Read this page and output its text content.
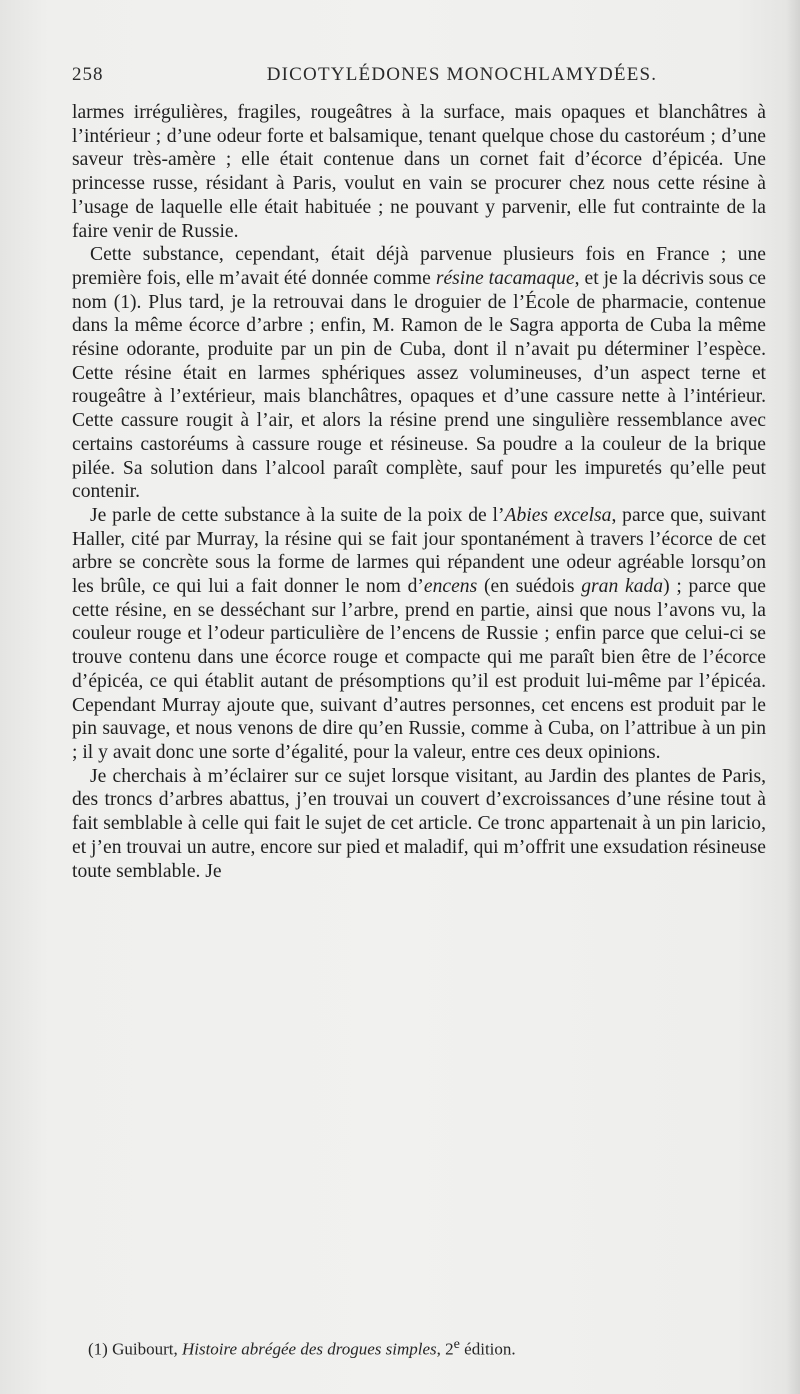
258	DICOTYLÉDONES MONOCHLAMYDÉES.

larmes irrégulières, fragiles, rougeâtres à la surface, mais opaques et blanchâtres à l’intérieur ; d’une odeur forte et balsamique, tenant quelque chose du castoréum ; d’une saveur très-amère ; elle était contenue dans un cornet fait d’écorce d’épicéa. Une princesse russe, résidant à Paris, voulut en vain se procurer chez nous cette résine à l’usage de laquelle elle était habituée ; ne pouvant y parvenir, elle fut contrainte de la faire venir de Russie.

Cette substance, cependant, était déjà parvenue plusieurs fois en France ; une première fois, elle m’avait été donnée comme résine tacamaque, et je la décrivis sous ce nom (1). Plus tard, je la retrouvai dans le droguier de l’École de pharmacie, contenue dans la même écorce d’arbre ; enfin, M. Ramon de le Sagra apporta de Cuba la même résine odorante, produite par un pin de Cuba, dont il n’avait pu déterminer l’espèce. Cette résine était en larmes sphériques assez volumineuses, d’un aspect terne et rougeâtre à l’extérieur, mais blanchâtres, opaques et d’une cassure nette à l’intérieur. Cette cassure rougit à l’air, et alors la résine prend une singulière ressemblance avec certains castoréums à cassure rouge et résineuse. Sa poudre a la couleur de la brique pilée. Sa solution dans l’alcool paraît complète, sauf pour les impuretés qu’elle peut contenir.

Je parle de cette substance à la suite de la poix de l’Abies excelsa, parce que, suivant Haller, cité par Murray, la résine qui se fait jour spontanément à travers l’écorce de cet arbre se concrète sous la forme de larmes qui répandent une odeur agréable lorsqu’on les brûle, ce qui lui a fait donner le nom d’encens (en suédois gran kada) ; parce que cette résine, en se desséchant sur l’arbre, prend en partie, ainsi que nous l’avons vu, la couleur rouge et l’odeur particulière de l’encens de Russie ; enfin parce que celui-ci se trouve contenu dans une écorce rouge et compacte qui me paraît bien être de l’écorce d’épicéa, ce qui établit autant de présomptions qu’il est produit lui-même par l’épicéa. Cependant Murray ajoute que, suivant d’autres personnes, cet encens est produit par le pin sauvage, et nous venons de dire qu’en Russie, comme à Cuba, on l’attribue à un pin ; il y avait donc une sorte d’égalité, pour la valeur, entre ces deux opinions.

Je cherchais à m’éclairer sur ce sujet lorsque visitant, au Jardin des plantes de Paris, des troncs d’arbres abattus, j’en trouvai un couvert d’excroissances d’une résine tout à fait semblable à celle qui fait le sujet de cet article. Ce tronc appartenait à un pin laricio, et j’en trouvai un autre, encore sur pied et maladif, qui m’offrit une exsudation résineuse toute semblable. Je

(1) Guibourt, Histoire abrégée des drogues simples, 2e édition.
